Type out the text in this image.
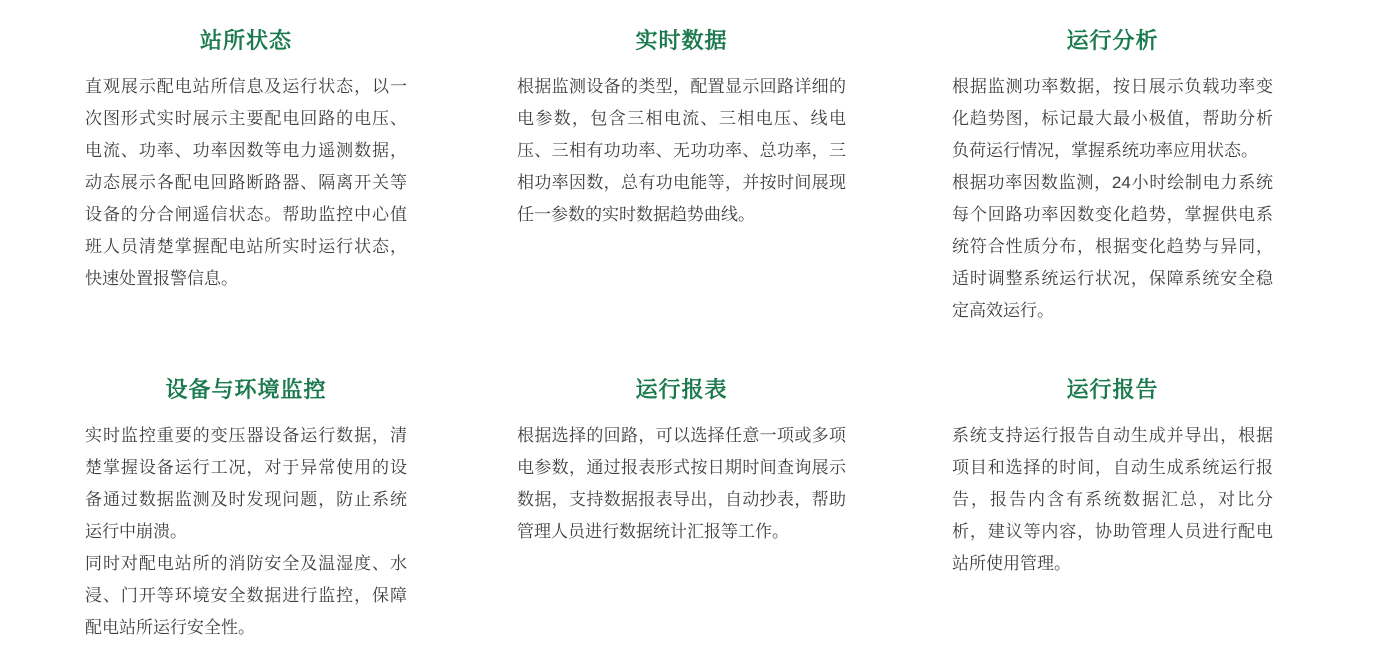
站所状态

直观展示配电站所信息及运行状态，以一次图形式实时展示主要配电回路的电压、电流、功率、功率因数等电力遥测数据，动态展示各配电回路断路器、隔离开关等设备的分合闸遥信状态。帮助监控中心值班人员清楚掌握配电站所实时运行状态，快速处置报警信息。

实时数据

根据监测设备的类型，配置显示回路详细的电参数，包含三相电流、三相电压、线电压、三相有功功率、无功功率、总功率，三相功率因数，总有功电能等，并按时间展现任一参数的实时数据趋势曲线。

运行分析

根据监测功率数据，按日展示负载功率变化趋势图，标记最大最小极值，帮助分析负荷运行情况，掌握系统功率应用状态。

根据功率因数监测，24小时绘制电力系统每个回路功率因数变化趋势，掌握供电系统符合性质分布，根据变化趋势与异同，适时调整系统运行状况，保障系统安全稳定高效运行。

设备与环境监控

实时监控重要的变压器设备运行数据，清楚掌握设备运行工况，对于异常使用的设备通过数据监测及时发现问题，防止系统运行中崩溃。

同时对配电站所的消防安全及温湿度、水浸、门开等环境安全数据进行监控，保障配电站所运行安全性。

运行报表

根据选择的回路，可以选择任意一项或多项电参数，通过报表形式按日期时间查询展示数据，支持数据报表导出，自动抄表，帮助管理人员进行数据统计汇报等工作。

运行报告

系统支持运行报告自动生成并导出，根据项目和选择的时间，自动生成系统运行报告，报告内含有系统数据汇总，对比分析，建议等内容，协助管理人员进行配电站所使用管理。
